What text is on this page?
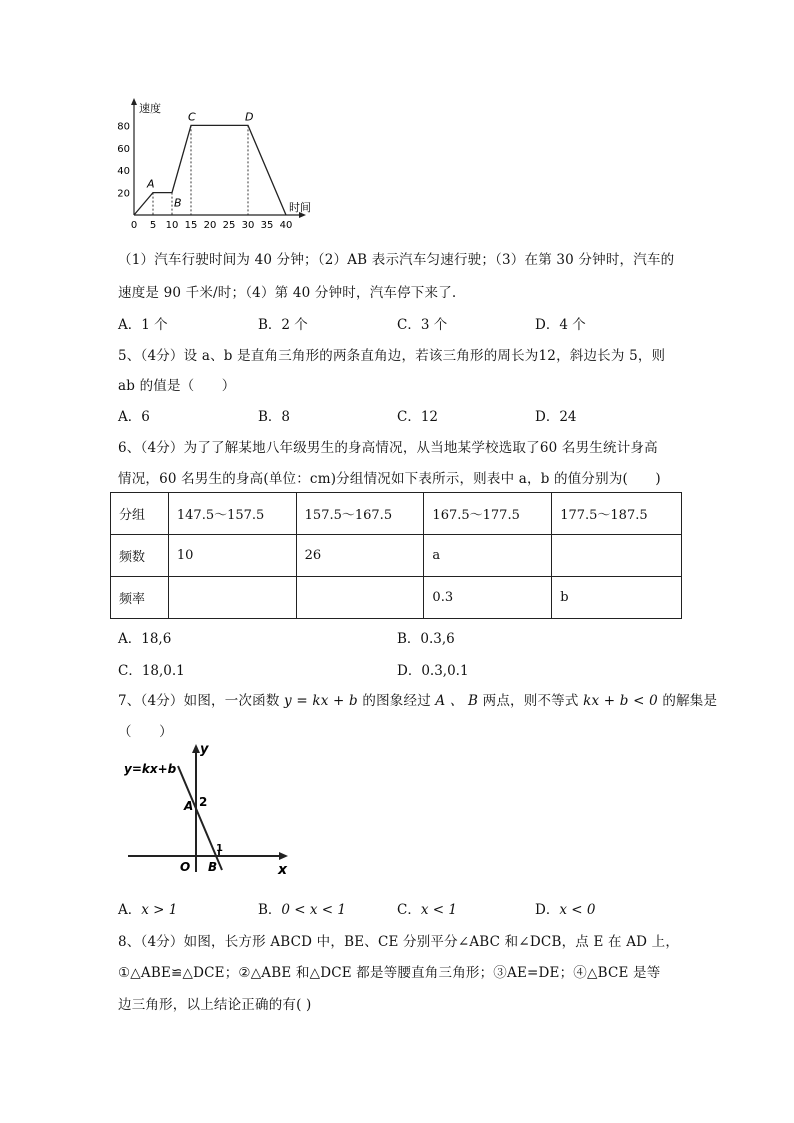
速度
时间
0 5 10 15 20 25 30 35 40
20
40
60
80
A
B
C	D
（1）汽车行驶时间为 40 分钟；（2）AB 表示汽车匀速行驶；（3）在第 30 分钟时，汽车的
速度是 90 千米/时；（4）第 40 分钟时，汽车停下来了.
A．1 个	B．2 个	C．3 个	D．4 个
5、（4分）设 a、b 是直角三角形的两条直角边，若该三角形的周长为12，斜边长为 5，则
ab 的值是（　　）
A．6	B．8	C．12	D．24
6、（4分）为了了解某地八年级男生的身高情况，从当地某学校选取了60 名男生统计身高
情况，60 名男生的身高(单位：cm)分组情况如下表所示，则表中 a，b 的值分别为(　　)
分组	147.5～157.5	157.5～167.5	167.5～177.5	177.5～187.5
频数	10	26	a	
频率			0.3	b
A．18,6	B．0.3,6
C．18,0.1	D．0.3,0.1
7、（4分）如图，一次函数 y = kx + b 的图象经过 A 、 B 两点，则不等式 kx + b < 0 的解集是
（　　）
y=kx+b
y
x
A 2
O B
1
A．x > 1	B．0 < x < 1	C．x < 1	D．x < 0
8、（4分）如图，长方形 ABCD 中，BE、CE 分别平分∠ABC 和∠DCB，点 E 在 AD 上，
①△ABE≌△DCE；②△ABE 和△DCE 都是等腰直角三角形；③AE=DE；④△BCE 是等
边三角形，以上结论正确的有( )
